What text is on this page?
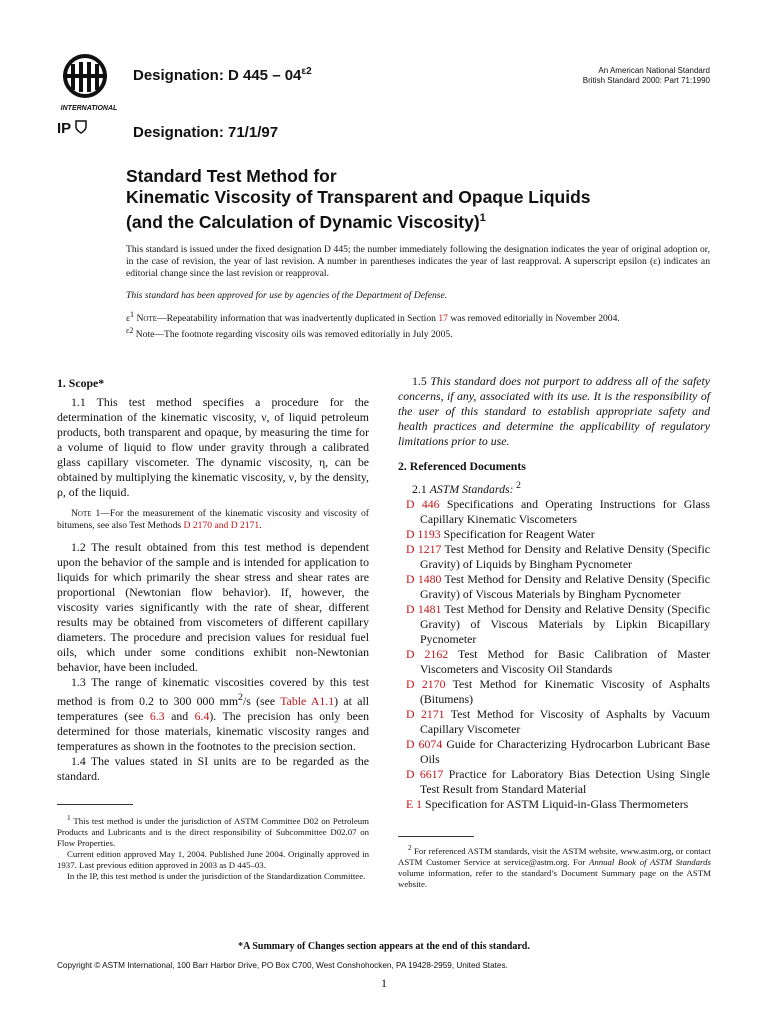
INTERNATIONAL
IP
Designation: D $445 - 04^{\varepsilon 2}$
Designation: 71/1/97
An American National Standard
British Standard 2000: Part 71:1990
Standard Test Method for
Kinematic Viscosity of Transparent and Opaque Liquids
(and the Calculation of Dynamic Viscosity)$^1$
This standard is issued under the fixed designation D 445; the number immediately following the designation indicates the year of original adoption or, in the case of revision, the year of last revision. A number in parentheses indicates the year of last reapproval. A superscript epsilon (ε) indicates an editorial change since the last revision or reapproval.
This standard has been approved for use by agencies of the Department of Defense.

$\varepsilon^1$ Note—Repeatability information that was inadvertently duplicated in Section 17 was removed editorially in November 2004.

$^{\varepsilon 2}$ Note—The footnote regarding viscosity oils was removed editorially in July 2005.

1. Scope*

1.1 This test method specifies a procedure for the determination of the kinematic viscosity, ν, of liquid petroleum products, both transparent and opaque, by measuring the time for a volume of liquid to flow under gravity through a calibrated glass capillary viscometer. The dynamic viscosity, η, can be obtained by multiplying the kinematic viscosity, ν, by the density, ρ, of the liquid.

Note 1—For the measurement of the kinematic viscosity and viscosity of bitumens, see also Test Methods D 2170 and D 2171.

1.2 The result obtained from this test method is dependent upon the behavior of the sample and is intended for application to liquids for which primarily the shear stress and shear rates are proportional (Newtonian flow behavior). If, however, the viscosity varies significantly with the rate of shear, different results may be obtained from viscometers of different capillary diameters. The procedure and precision values for residual fuel oils, which under some conditions exhibit non-Newtonian behavior, have been included.

1.3 The range of kinematic viscosities covered by this test method is from 0.2 to 300 000 $mm^2/s$ (see Table A1.1) at all temperatures (see 6.3 and 6.4). The precision has only been determined for those materials, kinematic viscosity ranges and temperatures as shown in the footnotes to the precision section.

1.4 The values stated in SI units are to be regarded as the standard.

1.5 This standard does not purport to address all of the safety concerns, if any, associated with its use. It is the responsibility of the user of this standard to establish appropriate safety and health practices and determine the applicability of regulatory limitations prior to use.

2. Referenced Documents

2.1 ASTM Standards: $^2$

D 446 Specifications and Operating Instructions for Glass Capillary Kinematic Viscometers

D 1193 Specification for Reagent Water

D 1217 Test Method for Density and Relative Density (Specific Gravity) of Liquids by Bingham Pycnometer

D 1480 Test Method for Density and Relative Density (Specific Gravity) of Viscous Materials by Bingham Pycnometer

D 1481 Test Method for Density and Relative Density (Specific Gravity) of Viscous Materials by Lipkin Bicapillary Pycnometer

D 2162 Test Method for Basic Calibration of Master Viscometers and Viscosity Oil Standards

D 2170 Test Method for Kinematic Viscosity of Asphalts (Bitumens)

D 2171 Test Method for Viscosity of Asphalts by Vacuum Capillary Viscometer

D 6074 Guide for Characterizing Hydrocarbon Lubricant Base Oils

D 6617 Practice for Laboratory Bias Detection Using Single Test Result from Standard Material

E 1 Specification for ASTM Liquid-in-Glass Thermometers

$^1$ This test method is under the jurisdiction of ASTM Committee D02 on Petroleum Products and Lubricants and is the direct responsibility of Subcommittee D02.07 on Flow Properties.

Current edition approved May 1, 2004. Published June 2004. Originally approved in 1937. Last previous edition approved in 2003 as D 445–03.

In the IP, this test method is under the jurisdiction of the Standardization Committee.

$^2$ For referenced ASTM standards, visit the ASTM website, www.astm.org, or contact ASTM Customer Service at service@astm.org. For Annual Book of ASTM Standards volume information, refer to the standard’s Document Summary page on the ASTM website.

*A Summary of Changes section appears at the end of this standard.
Copyright © ASTM International, 100 Barr Harbor Drive, PO Box C700, West Conshohocken, PA 19428-2959, United States.
1
